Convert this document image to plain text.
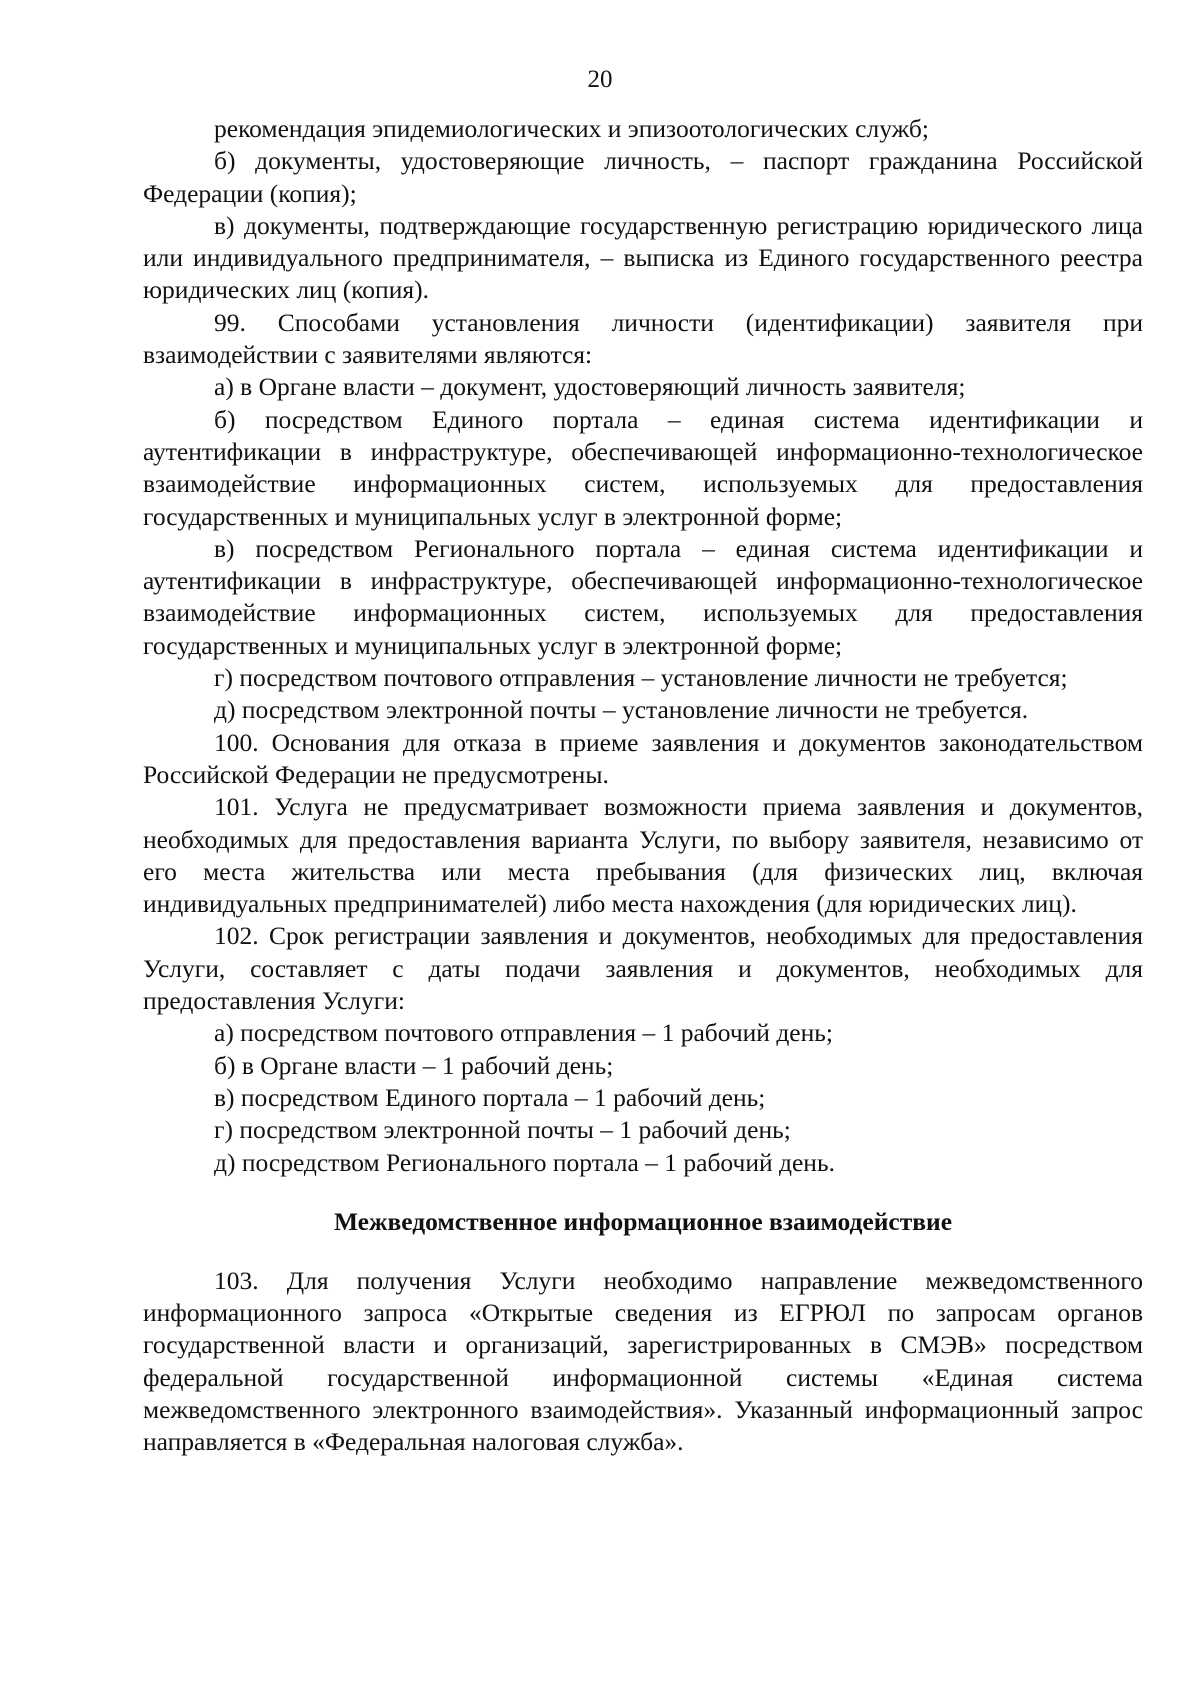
20

рекомендация эпидемиологических и эпизоотологических служб;

б) документы, удостоверяющие личность, – паспорт гражданина Российской Федерации (копия);

в) документы, подтверждающие государственную регистрацию юридического лица или индивидуального предпринимателя, – выписка из Единого государственного реестра юридических лиц (копия).

99. Способами установления личности (идентификации) заявителя при взаимодействии с заявителями являются:

а) в Органе власти – документ, удостоверяющий личность заявителя;

б) посредством Единого портала – единая система идентификации и аутентификации в инфраструктуре, обеспечивающей информационно-технологическое взаимодействие информационных систем, используемых для предоставления государственных и муниципальных услуг в электронной форме;

в) посредством Регионального портала – единая система идентификации и аутентификации в инфраструктуре, обеспечивающей информационно-технологическое взаимодействие информационных систем, используемых для предоставления государственных и муниципальных услуг в электронной форме;

г) посредством почтового отправления – установление личности не требуется;

д) посредством электронной почты – установление личности не требуется.

100. Основания для отказа в приеме заявления и документов законодательством Российской Федерации не предусмотрены.

101. Услуга не предусматривает возможности приема заявления и документов, необходимых для предоставления варианта Услуги, по выбору заявителя, независимо от его места жительства или места пребывания (для физических лиц, включая индивидуальных предпринимателей) либо места нахождения (для юридических лиц).

102. Срок регистрации заявления и документов, необходимых для предоставления Услуги, составляет с даты подачи заявления и документов, необходимых для предоставления Услуги:

а) посредством почтового отправления – 1 рабочий день;

б) в Органе власти – 1 рабочий день;

в) посредством Единого портала – 1 рабочий день;

г) посредством электронной почты – 1 рабочий день;

д) посредством Регионального портала – 1 рабочий день.

Межведомственное информационное взаимодействие

103. Для получения Услуги необходимо направление межведомственного информационного запроса «Открытые сведения из ЕГРЮЛ по запросам органов государственной власти и организаций, зарегистрированных в СМЭВ» посредством федеральной государственной информационной системы «Единая система межведомственного электронного взаимодействия». Указанный информационный запрос направляется в «Федеральная налоговая служба».
